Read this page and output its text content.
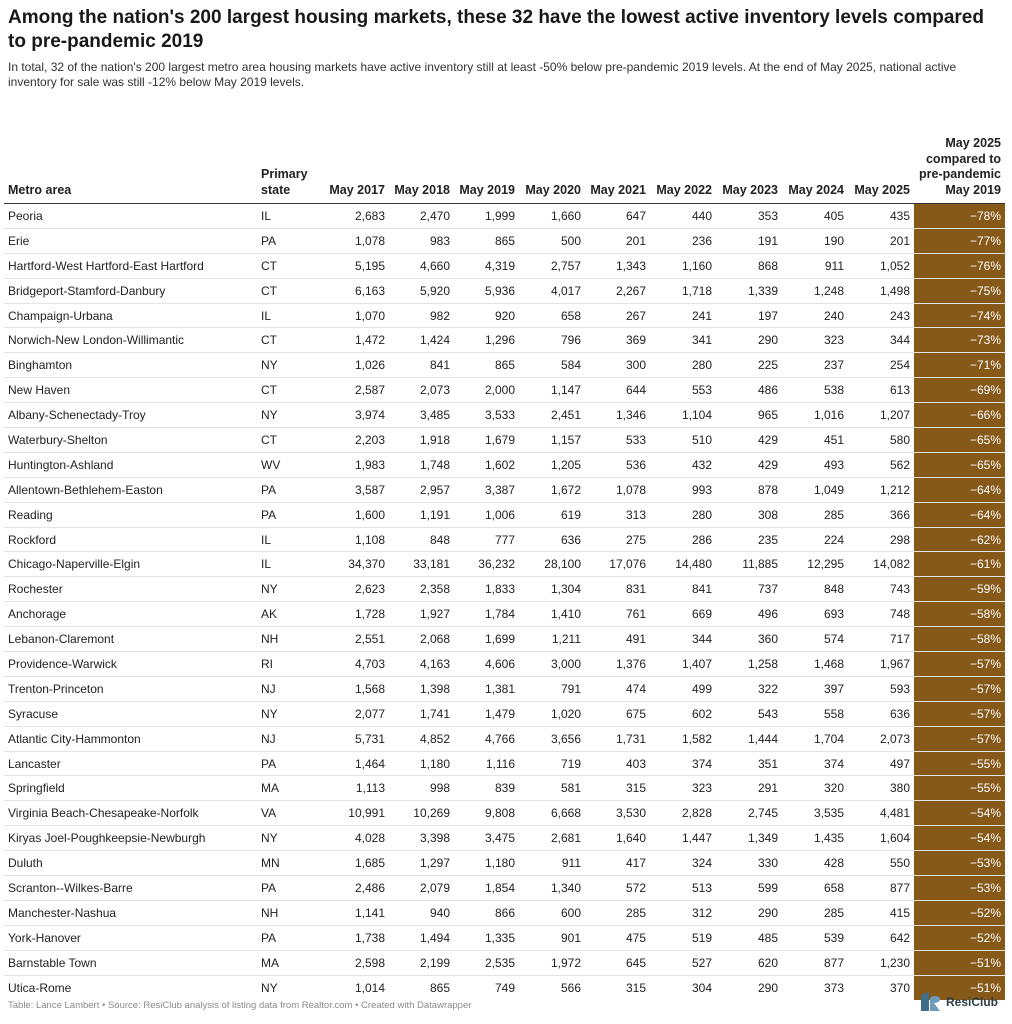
Among the nation's 200 largest housing markets, these 32 have the lowest active inventory levels compared to pre-pandemic 2019
In total, 32 of the nation's 200 largest metro area housing markets have active inventory still at least -50% below pre-pandemic 2019 levels. At the end of May 2025, national active inventory for sale was still -12% below May 2019 levels.
Metro area	Primary state	May 2017	May 2018	May 2019	May 2020	May 2021	May 2022	May 2023	May 2024	May 2025	May 2025 compared to pre-pandemic May 2019
Peoria	IL	2,683	2,470	1,999	1,660	647	440	353	405	435	−78%
Erie	PA	1,078	983	865	500	201	236	191	190	201	−77%
Hartford-West Hartford-East Hartford	CT	5,195	4,660	4,319	2,757	1,343	1,160	868	911	1,052	−76%
Bridgeport-Stamford-Danbury	CT	6,163	5,920	5,936	4,017	2,267	1,718	1,339	1,248	1,498	−75%
Champaign-Urbana	IL	1,070	982	920	658	267	241	197	240	243	−74%
Norwich-New London-Willimantic	CT	1,472	1,424	1,296	796	369	341	290	323	344	−73%
Binghamton	NY	1,026	841	865	584	300	280	225	237	254	−71%
New Haven	CT	2,587	2,073	2,000	1,147	644	553	486	538	613	−69%
Albany-Schenectady-Troy	NY	3,974	3,485	3,533	2,451	1,346	1,104	965	1,016	1,207	−66%
Waterbury-Shelton	CT	2,203	1,918	1,679	1,157	533	510	429	451	580	−65%
Huntington-Ashland	WV	1,983	1,748	1,602	1,205	536	432	429	493	562	−65%
Allentown-Bethlehem-Easton	PA	3,587	2,957	3,387	1,672	1,078	993	878	1,049	1,212	−64%
Reading	PA	1,600	1,191	1,006	619	313	280	308	285	366	−64%
Rockford	IL	1,108	848	777	636	275	286	235	224	298	−62%
Chicago-Naperville-Elgin	IL	34,370	33,181	36,232	28,100	17,076	14,480	11,885	12,295	14,082	−61%
Rochester	NY	2,623	2,358	1,833	1,304	831	841	737	848	743	−59%
Anchorage	AK	1,728	1,927	1,784	1,410	761	669	496	693	748	−58%
Lebanon-Claremont	NH	2,551	2,068	1,699	1,211	491	344	360	574	717	−58%
Providence-Warwick	RI	4,703	4,163	4,606	3,000	1,376	1,407	1,258	1,468	1,967	−57%
Trenton-Princeton	NJ	1,568	1,398	1,381	791	474	499	322	397	593	−57%
Syracuse	NY	2,077	1,741	1,479	1,020	675	602	543	558	636	−57%
Atlantic City-Hammonton	NJ	5,731	4,852	4,766	3,656	1,731	1,582	1,444	1,704	2,073	−57%
Lancaster	PA	1,464	1,180	1,116	719	403	374	351	374	497	−55%
Springfield	MA	1,113	998	839	581	315	323	291	320	380	−55%
Virginia Beach-Chesapeake-Norfolk	VA	10,991	10,269	9,808	6,668	3,530	2,828	2,745	3,535	4,481	−54%
Kiryas Joel-Poughkeepsie-Newburgh	NY	4,028	3,398	3,475	2,681	1,640	1,447	1,349	1,435	1,604	−54%
Duluth	MN	1,685	1,297	1,180	911	417	324	330	428	550	−53%
Scranton--Wilkes-Barre	PA	2,486	2,079	1,854	1,340	572	513	599	658	877	−53%
Manchester-Nashua	NH	1,141	940	866	600	285	312	290	285	415	−52%
York-Hanover	PA	1,738	1,494	1,335	901	475	519	485	539	642	−52%
Barnstable Town	MA	2,598	2,199	2,535	1,972	645	527	620	877	1,230	−51%
Utica-Rome	NY	1,014	865	749	566	315	304	290	373	370	−51%
Table: Lance Lambert • Source: ResiClub analysis of listing data from Realtor.com • Created with Datawrapper	ResiClub
